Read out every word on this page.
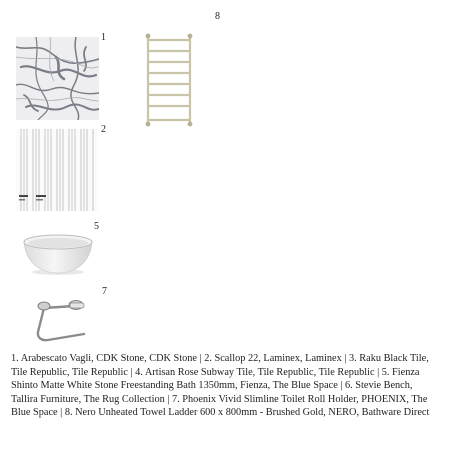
8
1
2
5
7

1. Arabescato Vagli, CDK Stone, CDK Stone | 2. Scallop 22, Laminex, Laminex | 3. Raku Black Tile, Tile Republic, Tile Republic | 4. Artisan Rose Subway Tile, Tile Republic, Tile Republic | 5. Fienza Shinto Matte White Stone Freestanding Bath 1350mm, Fienza, The Blue Space | 6. Stevie Bench, Tallira Furniture, The Rug Collection | 7. Phoenix Vivid Slimline Toilet Roll Holder, PHOENIX, The Blue Space | 8. Nero Unheated Towel Ladder 600 x 800mm - Brushed Gold, NERO, Bathware Direct
